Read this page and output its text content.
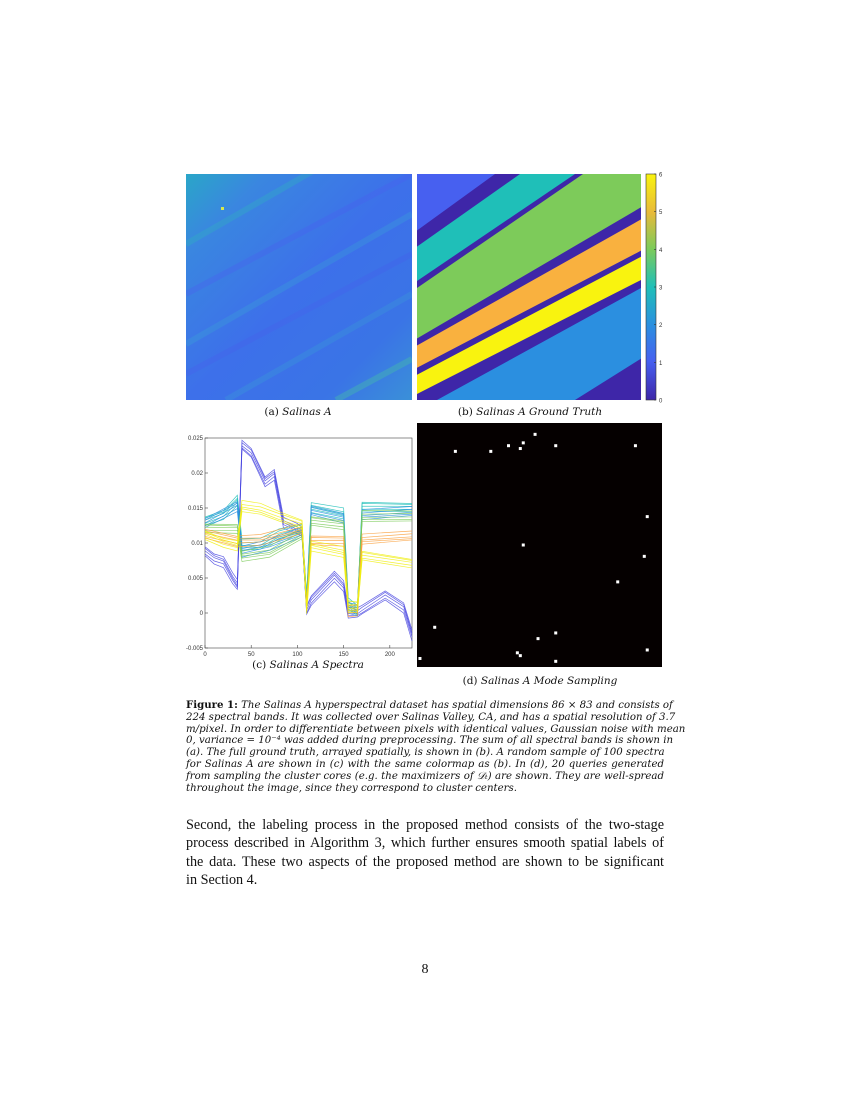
(a) Salinas A
0
1
2
3
4
5
6
(b) Salinas A Ground Truth
0	50	100	150	200
-0.005
0
0.005
0.01
0.015
0.02
0.025
(c) Salinas A Spectra
(d) Salinas A Mode Sampling
Figure 1: The Salinas A hyperspectral dataset has spatial dimensions 86 × 83 and consists of
224 spectral bands. It was collected over Salinas Valley, CA, and has a spatial resolution of 3.7
m/pixel. In order to differentiate between pixels with identical values, Gaussian noise with mean
0, variance = 10⁻⁴ was added during preprocessing. The sum of all spectral bands is shown in
(a). The full ground truth, arrayed spatially, is shown in (b). A random sample of 100 spectra
for Salinas A are shown in (c) with the same colormap as (b). In (d), 20 queries generated
from sampling the cluster cores (e.g. the maximizers of 𝒟ₜ) are shown. They are well-spread
throughout the image, since they correspond to cluster centers.
Second, the labeling process in the proposed method consists of the two-stage
process described in Algorithm 3, which further ensures smooth spatial labels of
the data. These two aspects of the proposed method are shown to be significant
in Section 4.
8
